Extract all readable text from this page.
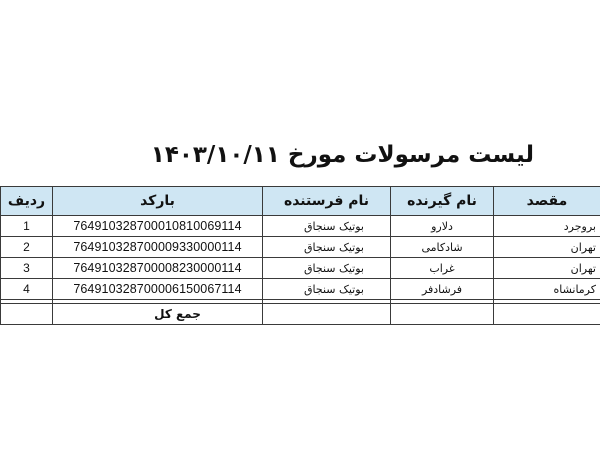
لیست مرسولات مورخ ۱۴۰۳/۱۰/۱۱
ردیف	بارکد	نام فرستنده	نام گیرنده	مقصد
1	764910328700010810069114	بوتیک سنجاق	دلارو	بروجرد
2	764910328700009330000114	بوتیک سنجاق	شادکامی	تهران
3	764910328700008230000114	بوتیک سنجاق	غراب	تهران
4	764910328700006150067114	بوتیک سنجاق	فرشادفر	کرمانشاه

	جمع کل			
